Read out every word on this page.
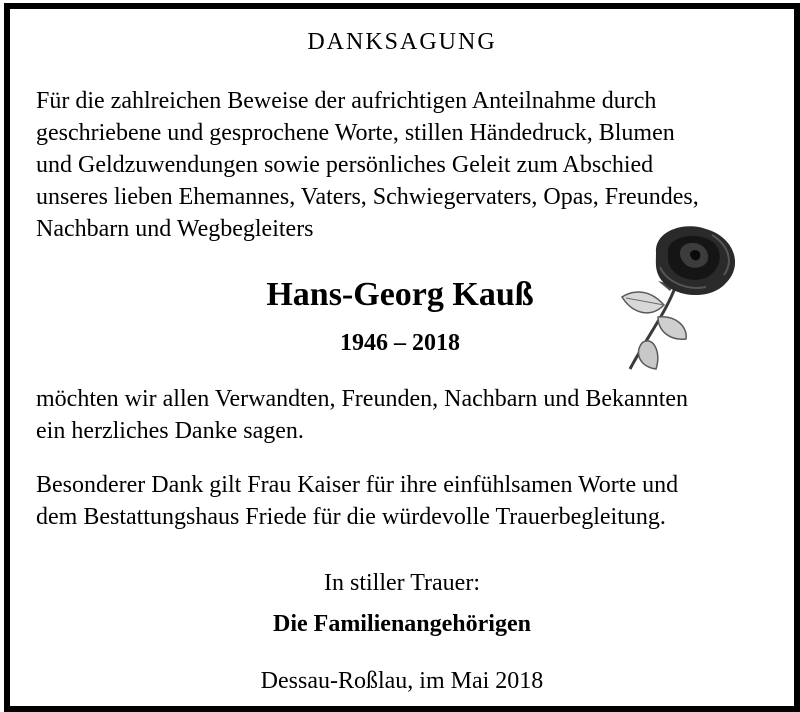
DANKSAGUNG
Für die zahlreichen Beweise der aufrichtigen Anteilnahme durch
geschriebene und gesprochene Worte, stillen Händedruck, Blumen
und Geldzuwendungen sowie persönliches Geleit zum Abschied
unseres lieben Ehemannes, Vaters, Schwiegervaters, Opas, Freundes,
Nachbarn und Wegbegleiters
Hans-Georg Kauß
1946 – 2018
möchten wir allen Verwandten, Freunden, Nachbarn und Bekannten
ein herzliches Danke sagen.
Besonderer Dank gilt Frau Kaiser für ihre einfühlsamen Worte und
dem Bestattungshaus Friede für die würdevolle Trauerbegleitung.
In stiller Trauer:
Die Familienangehörigen
Dessau-Roßlau, im Mai 2018
